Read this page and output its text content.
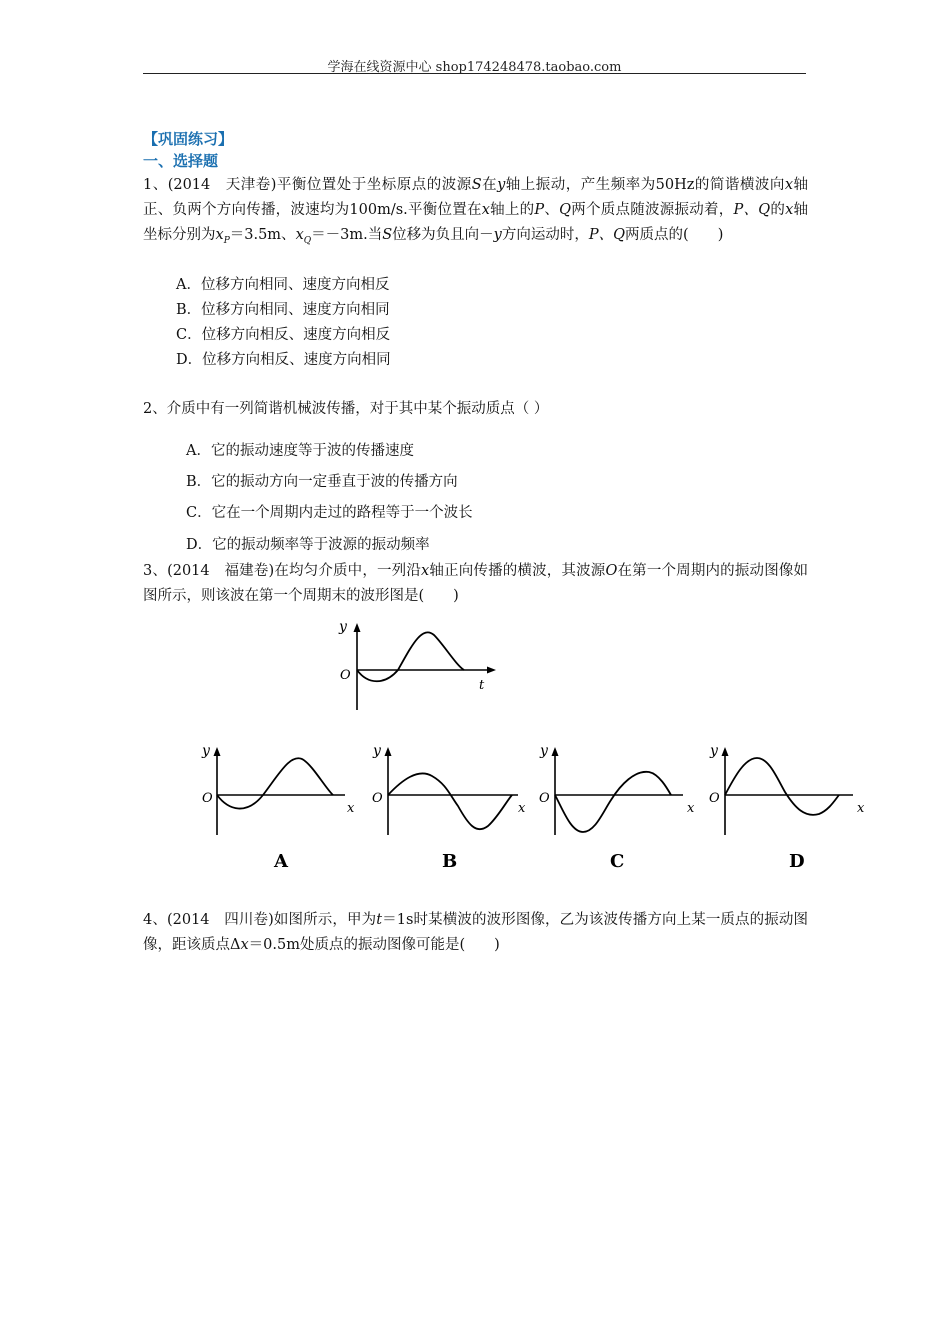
学海在线资源中心 shop174248478.taobao.com
【巩固练习】
一、选择题
1、(2014　天津卷)平衡位置处于坐标原点的波源S在y轴上振动，产生频率为50Hz的简谐横波向x轴正、负两个方向传播，波速均为100m/s.平衡位置在x轴上的P、Q两个质点随波源振动着，P、Q的x轴坐标分别为$x_P=3.5m$、$x_Q=-3m$.当S位移为负且向－y方向运动时，P、Q两质点的(　　)
A．位移方向相同、速度方向相反
B．位移方向相同、速度方向相同
C．位移方向相反、速度方向相反
D．位移方向相反、速度方向相同
2、介质中有一列简谐机械波传播，对于其中某个振动质点（ ）
A．它的振动速度等于波的传播速度
B．它的振动方向一定垂直于波的传播方向
C．它在一个周期内走过的路程等于一个波长
D．它的振动频率等于波源的振动频率
3、(2014　福建卷)在均匀介质中，一列沿x轴正向传播的横波，其波源O在第一个周期内的振动图像如图所示，则该波在第一个周期末的波形图是(　　)
y
O
t
y
O
x
A
y
O
x
B
y
O
x
C
y
O
x
D
4、(2014　四川卷)如图所示，甲为t＝1s时某横波的波形图像，乙为该波传播方向上某一质点的振动图像，距该质点Δx＝0.5m处质点的振动图像可能是(　　)
